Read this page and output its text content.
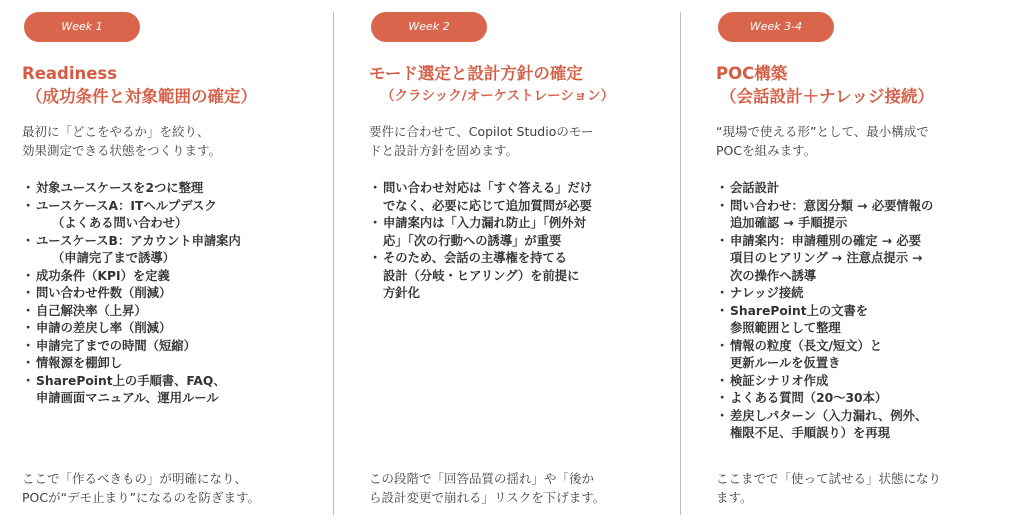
Week 1
Readiness
（成功条件と対象範囲の確定）

最初に「どこをやるか」を絞り、
効果測定できる状態をつくります。

・ 対象ユースケースを2つに整理
・ ユースケースA：ITヘルプデスク
（よくある問い合わせ）
・ ユースケースB：アカウント申請案内
（申請完了まで誘導）
・ 成功条件（KPI）を定義
・ 問い合わせ件数（削減）
・ 自己解決率（上昇）
・ 申請の差戻し率（削減）
・ 申請完了までの時間（短縮）
・ 情報源を棚卸し
・ SharePoint上の手順書、FAQ、
申請画面マニュアル、運用ルール

ここで「作るべきもの」が明確になり、
POCが“デモ止まり”になるのを防ぎます。

Week 2
モード選定と設計方針の確定
（クラシック/オーケストレーション）

要件に合わせて、Copilot Studioのモー
ドと設計方針を固めます。

・ 問い合わせ対応は「すぐ答える」だけ
でなく、必要に応じて追加質問が必要
・ 申請案内は「入力漏れ防止」「例外対
応」「次の行動への誘導」が重要
・ そのため、会話の主導権を持てる
設計（分岐・ヒアリング）を前提に
方針化

この段階で「回答品質の揺れ」や「後か
ら設計変更で崩れる」リスクを下げます。

Week 3-4
POC構築
（会話設計＋ナレッジ接続）

“現場で使える形”として、最小構成で
POCを組みます。

・ 会話設計
・ 問い合わせ：意図分類 → 必要情報の
追加確認 → 手順提示
・ 申請案内：申請種別の確定 → 必要
項目のヒアリング → 注意点提示 →
次の操作へ誘導
・ ナレッジ接続
・ SharePoint上の文書を
参照範囲として整理
・ 情報の粒度（長文/短文）と
更新ルールを仮置き
・ 検証シナリオ作成
・ よくある質問（20〜30本）
・ 差戻しパターン（入力漏れ、例外、
権限不足、手順誤り）を再現

ここまでで「使って試せる」状態になり
ます。
